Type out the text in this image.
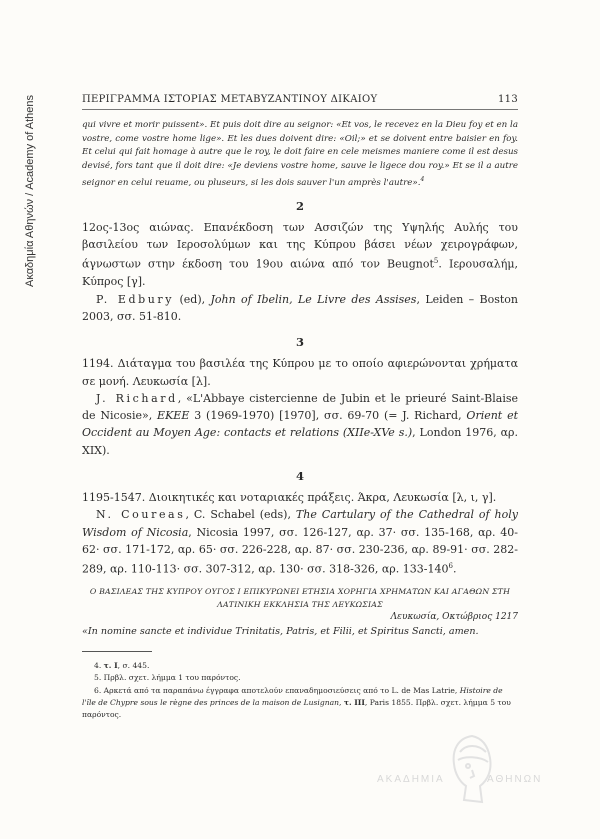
Ακαδημία Αθηνών / Academy of Athens	ΠΕΡΙΓΡΑΜΜΑ ΙΣΤΟΡΙΑΣ ΜΕΤΑΒΥΖΑΝΤΙΝΟΥ ΔΙΚΑΙΟΥ	113

qui vivre et morir puissent». Et puis doit dire au seignor: «Et vos, le recevez en la Dieu foy et en la vostre, come vostre home lige». Et les dues doivent dire: «Oil;» et se doivent entre baisier en foy. Et celui qui fait homage à autre que le roy, le doit faire en cele meismes maniere come il est desus devisé, fors tant que il doit dire: «Je deviens vostre home, sauve le ligece dou roy.» Et se il a autre seignor en celui reuame, ou pluseurs, si les dois sauver l'un amprès l'autre».$^4$

2

12ος-13ος αιώνας. Επανέκδοση των Ασσιζών της Υψηλής Αυλής του βασιλείου των Ιεροσολύμων και της Κύπρου βάσει νέων χειρογράφων, άγνωστων στην έκδοση του 19ου αιώνα από τον Beugnot$^5$. Ιερουσαλήμ, Κύπρος [γ].
P. Edbury (ed), John of Ibelin, Le Livre des Assises, Leiden – Boston 2003, σσ. 51-810.

3

1194. Διάταγμα του βασιλέα της Κύπρου με το οποίο αφιερώνονται χρήματα σε μονή. Λευκωσία [λ].
J. Richard, «L'Abbaye cistercienne de Jubin et le prieuré Saint-Blaise de Nicosie», ΕΚΕΕ 3 (1969-1970) [1970], σσ. 69-70 (= J. Richard, Orient et Occident au Moyen Age: contacts et relations (XIIe-XVe s.), London 1976, αρ. XIX).

4

1195-1547. Διοικητικές και νοταριακές πράξεις. Άκρα, Λευκωσία [λ, ι, γ].
N. Coureas, C. Schabel (eds), The Cartulary of the Cathedral of holy Wisdom of Nicosia, Nicosia 1997, σσ. 126-127, αρ. 37· σσ. 135-168, αρ. 40-62· σσ. 171-172, αρ. 65· σσ. 226-228, αρ. 87· σσ. 230-236, αρ. 89-91· σσ. 282-289, αρ. 110-113· σσ. 307-312, αρ. 130· σσ. 318-326, αρ. $133-140^6$.

Ο ΒΑΣΙΛΕΑΣ ΤΗΣ ΚΥΠΡΟΥ ΟΥΓΟΣ Ι ΕΠΙΚΥΡΩΝΕΙ ΕΤΗΣΙΑ ΧΟΡΗΓΙΑ ΧΡΗΜΑΤΩΝ ΚΑΙ ΑΓΑΘΩΝ ΣΤΗ ΛΑΤΙΝΙΚΗ ΕΚΚΛΗΣΙΑ ΤΗΣ ΛΕΥΚΩΣΙΑΣ

Λευκωσία, Οκτώβριος 1217

«In nomine sancte et individue Trinitatis, Patris, et Filii, et Spiritus Sancti, amen.

4. τ. I, σ. 445.

5. Πρβλ. σχετ. λήμμα 1 του παρόντος.

6. Αρκετά από τα παραπάνω έγγραφα αποτελούν επαναδημοσιεύσεις από το L. de Mas Latrie, Histoire de l'île de Chypre sous le règne des princes de la maison de Lusignan, τ. III, Paris 1855. Πρβλ. σχετ. λήμμα 5 του παρόντος.

ΑΚΑΔΗΜΙΑ	ΑΘΗΝΩΝ
